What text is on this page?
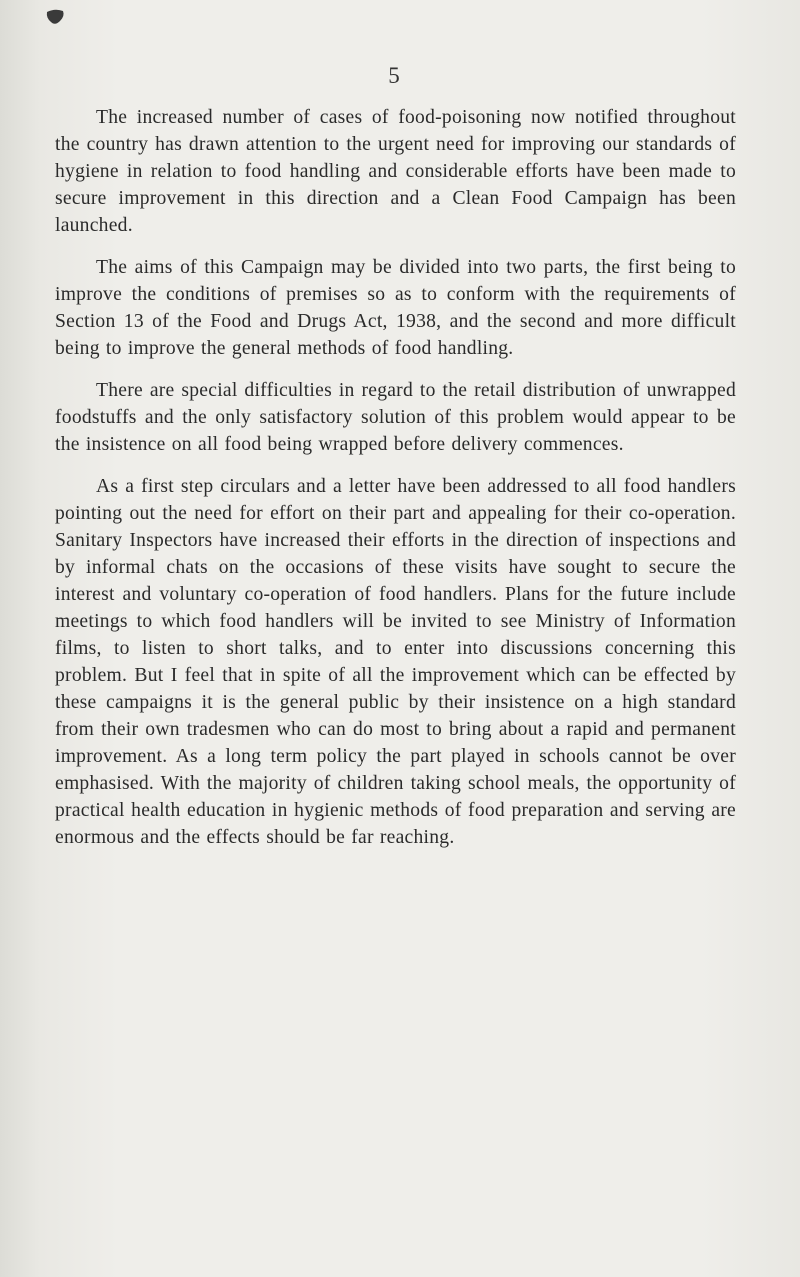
5

The increased number of cases of food-poisoning now notified throughout the country has drawn attention to the urgent need for improving our standards of hygiene in relation to food handling and considerable efforts have been made to secure improvement in this direction and a Clean Food Campaign has been launched.

The aims of this Campaign may be divided into two parts, the first being to improve the conditions of premises so as to conform with the requirements of Section 13 of the Food and Drugs Act, 1938, and the second and more difficult being to improve the general methods of food handling.

There are special difficulties in regard to the retail distribution of unwrapped foodstuffs and the only satisfactory solution of this problem would appear to be the insistence on all food being wrapped before delivery commences.

As a first step circulars and a letter have been addressed to all food handlers pointing out the need for effort on their part and appealing for their co-operation. Sanitary Inspectors have increased their efforts in the direction of inspections and by informal chats on the occasions of these visits have sought to secure the interest and voluntary co-operation of food handlers. Plans for the future include meetings to which food handlers will be invited to see Ministry of Information films, to listen to short talks, and to enter into discussions concerning this problem. But I feel that in spite of all the improvement which can be effected by these campaigns it is the general public by their insistence on a high standard from their own tradesmen who can do most to bring about a rapid and permanent improvement. As a long term policy the part played in schools cannot be over emphasised. With the majority of children taking school meals, the opportunity of practical health education in hygienic methods of food preparation and serving are enormous and the effects should be far reaching.
